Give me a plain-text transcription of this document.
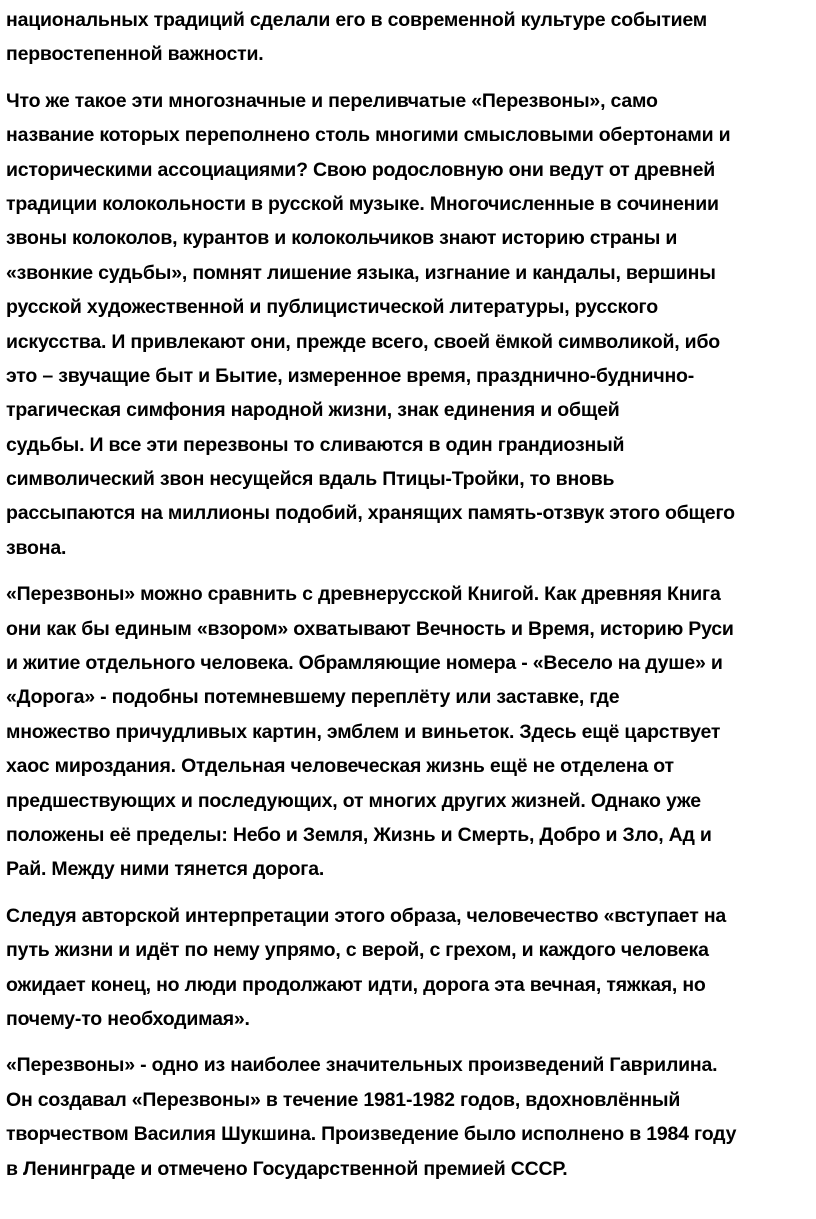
национальных традиций сделали его в современной культуре событием
первостепенной важности.
Что же такое эти многозначные и переливчатые «Перезвоны», само
название которых переполнено столь многими смысловыми обертонами и
историческими ассоциациями? Свою родословную они ведут от древней
традиции колокольности в русской музыке. Многочисленные в сочинении
звоны колоколов, курантов и колокольчиков знают историю страны и
«звонкие судьбы», помнят лишение языка, изгнание и кандалы, вершины
русской художественной и публицистической литературы, русского
искусства. И привлекают они, прежде всего, своей ёмкой символикой, ибо
это – звучащие быт и Бытие, измеренное время, празднично-буднично-
трагическая симфония народной жизни, знак единения и общей
судьбы. И все эти перезвоны то сливаются в один грандиозный
символический звон несущейся вдаль Птицы-Тройки, то вновь
рассыпаются на миллионы подобий, хранящих память-отзвук этого общего
звона.
«Перезвоны» можно сравнить с древнерусской Книгой. Как древняя Книга
они как бы единым «взором» охватывают Вечность и Время, историю Руси
и житие отдельного человека. Обрамляющие номера - «Весело на душе» и
«Дорога» - подобны потемневшему переплёту или заставке, где
множество причудливых картин, эмблем и виньеток. Здесь ещё царствует
хаос мироздания. Отдельная человеческая жизнь ещё не отделена от
предшествующих и последующих, от многих других жизней. Однако уже
положены её пределы: Небо и Земля, Жизнь и Смерть, Добро и Зло, Ад и
Рай. Между ними тянется дорога.
Следуя авторской интерпретации этого образа, человечество «вступает на
путь жизни и идёт по нему упрямо, с верой, с грехом, и каждого человека
ожидает конец, но люди продолжают идти, дорога эта вечная, тяжкая, но
почему-то необходимая».
«Перезвоны» - одно из наиболее значительных произведений Гаврилина.
Он создавал «Перезвоны» в течение 1981-1982 годов, вдохновлённый
творчеством Василия Шукшина. Произведение было исполнено в 1984 году
в Ленинграде и отмечено Государственной премией СССР.
